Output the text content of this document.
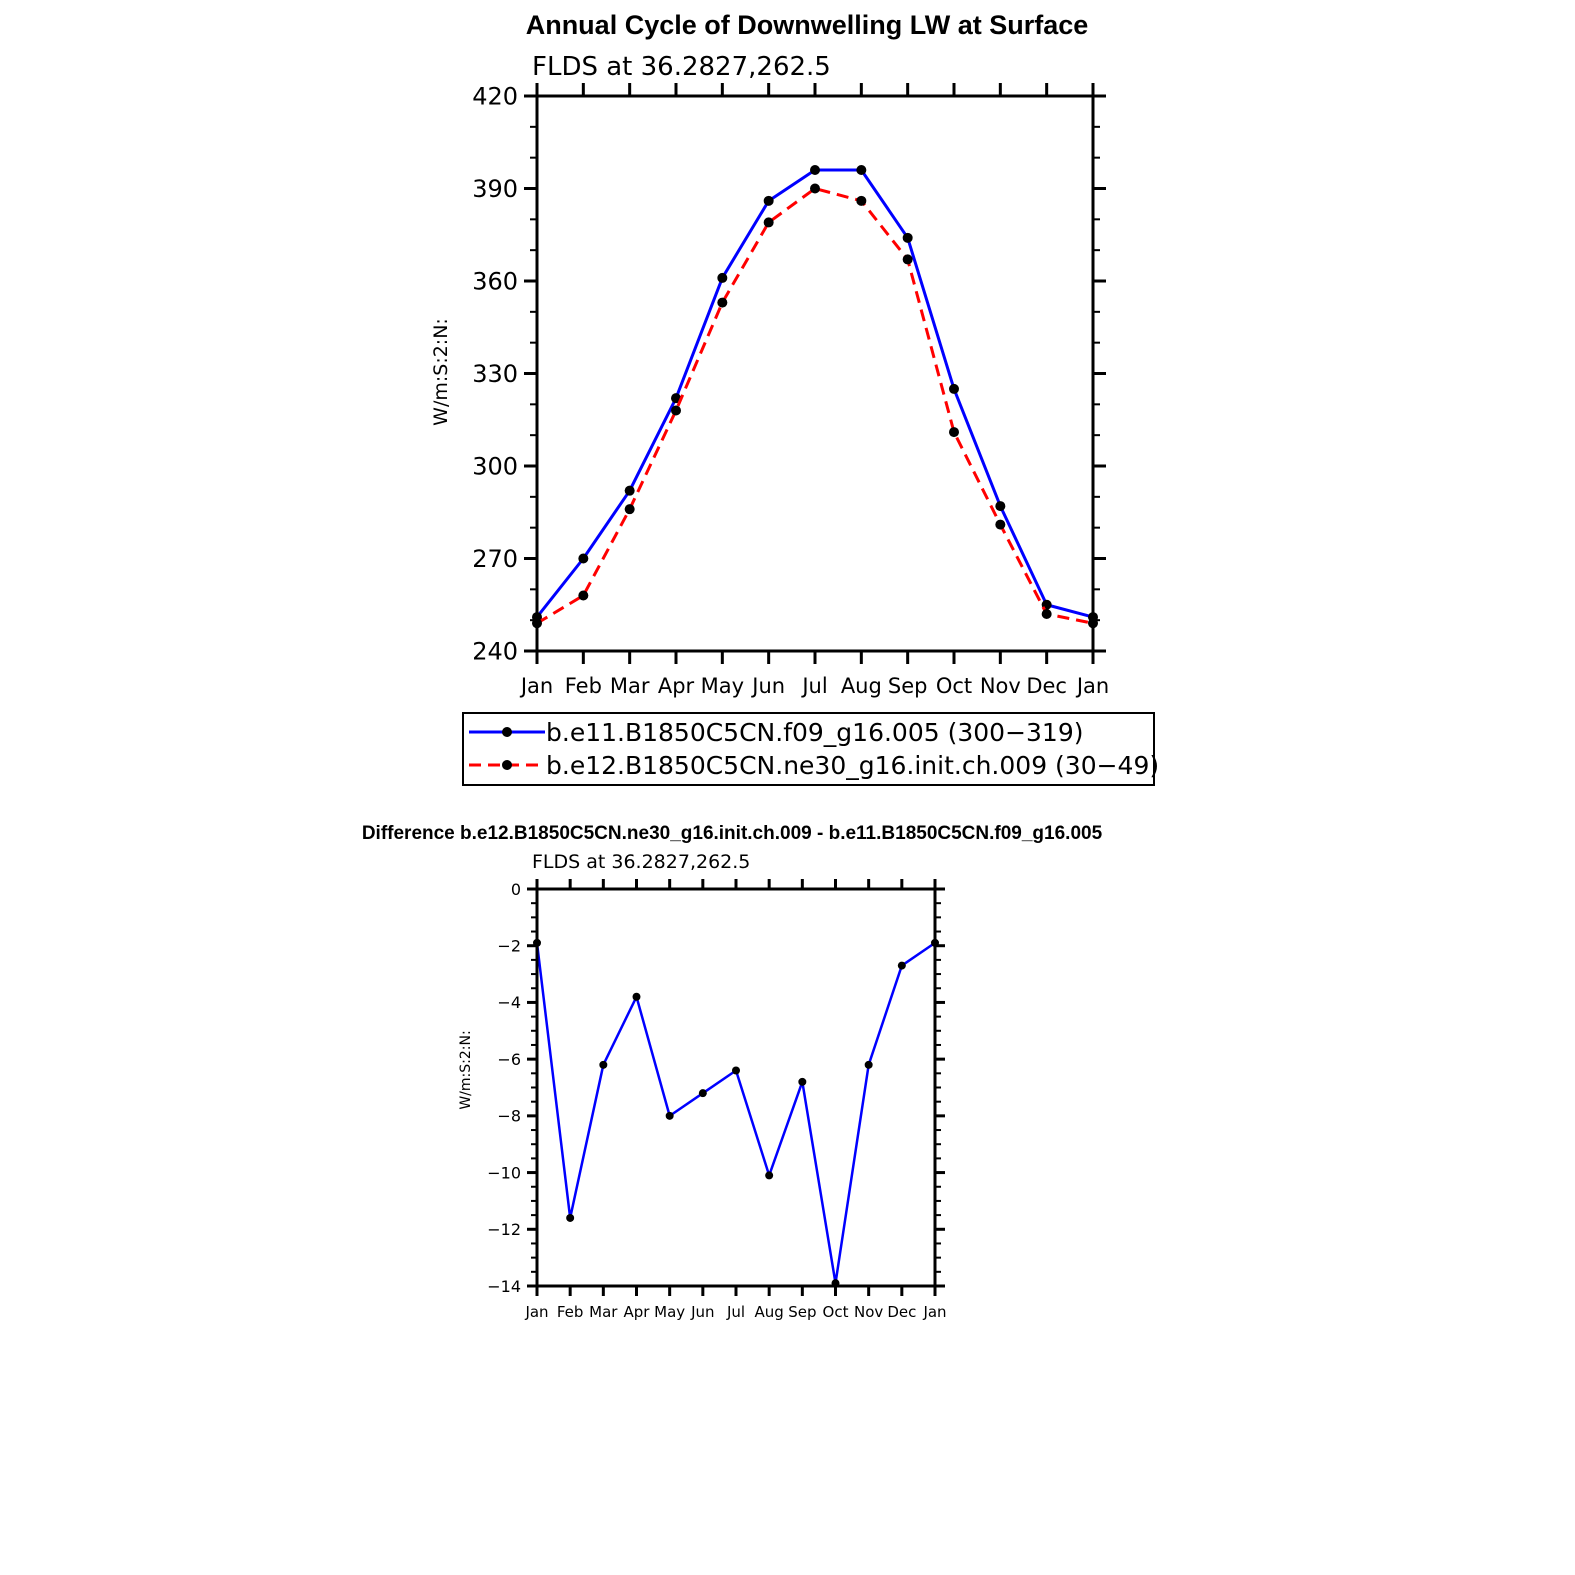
Annual Cycle of Downwelling LW at Surface
FLDS at 36.2827,262.5
W/m:S:2:N:
420
390
360
330
300
270
240
Jan Feb Mar Apr May Jun Jul Aug Sep Oct Nov Dec Jan
b.e11.B1850C5CN.f09_g16.005 (300−319)
b.e12.B1850C5CN.ne30_g16.init.ch.009 (30−49)
Difference b.e12.B1850C5CN.ne30_g16.init.ch.009 - b.e11.B1850C5CN.f09_g16.005
FLDS at 36.2827,262.5
W/m:S:2:N:
0
−2
−4
−6
−8
−10
−12
−14
Jan Feb Mar Apr May Jun Jul Aug Sep Oct Nov Dec Jan
